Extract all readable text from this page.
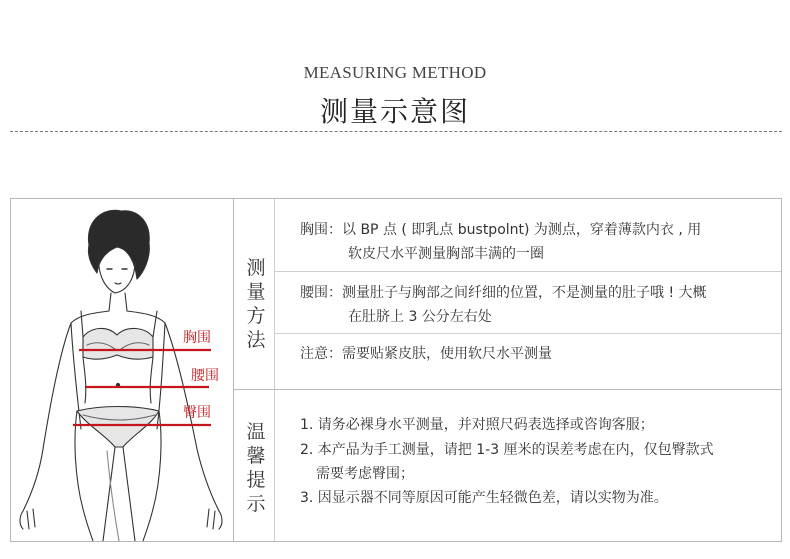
MEASURING METHOD
测量示意图
胸围
腰围
臀围
测量方法
温馨提示
胸围：以 BP 点 ( 即乳点 bustpolnt) 为测点，穿着薄款内衣 , 用
软皮尺水平测量胸部丰满的一圈
腰围：测量肚子与胸部之间纤细的位置，不是测量的肚子哦 ! 大概
在肚脐上 3 公分左右处
注意：需要贴紧皮肤，使用软尺水平测量
1. 请务必裸身水平测量，并对照尺码表选择或咨询客服；
2. 本产品为手工测量，请把 1-3 厘米的误差考虑在内，仅包臀款式
需要考虑臀围；
3. 因显示器不同等原因可能产生轻微色差，请以实物为准。
